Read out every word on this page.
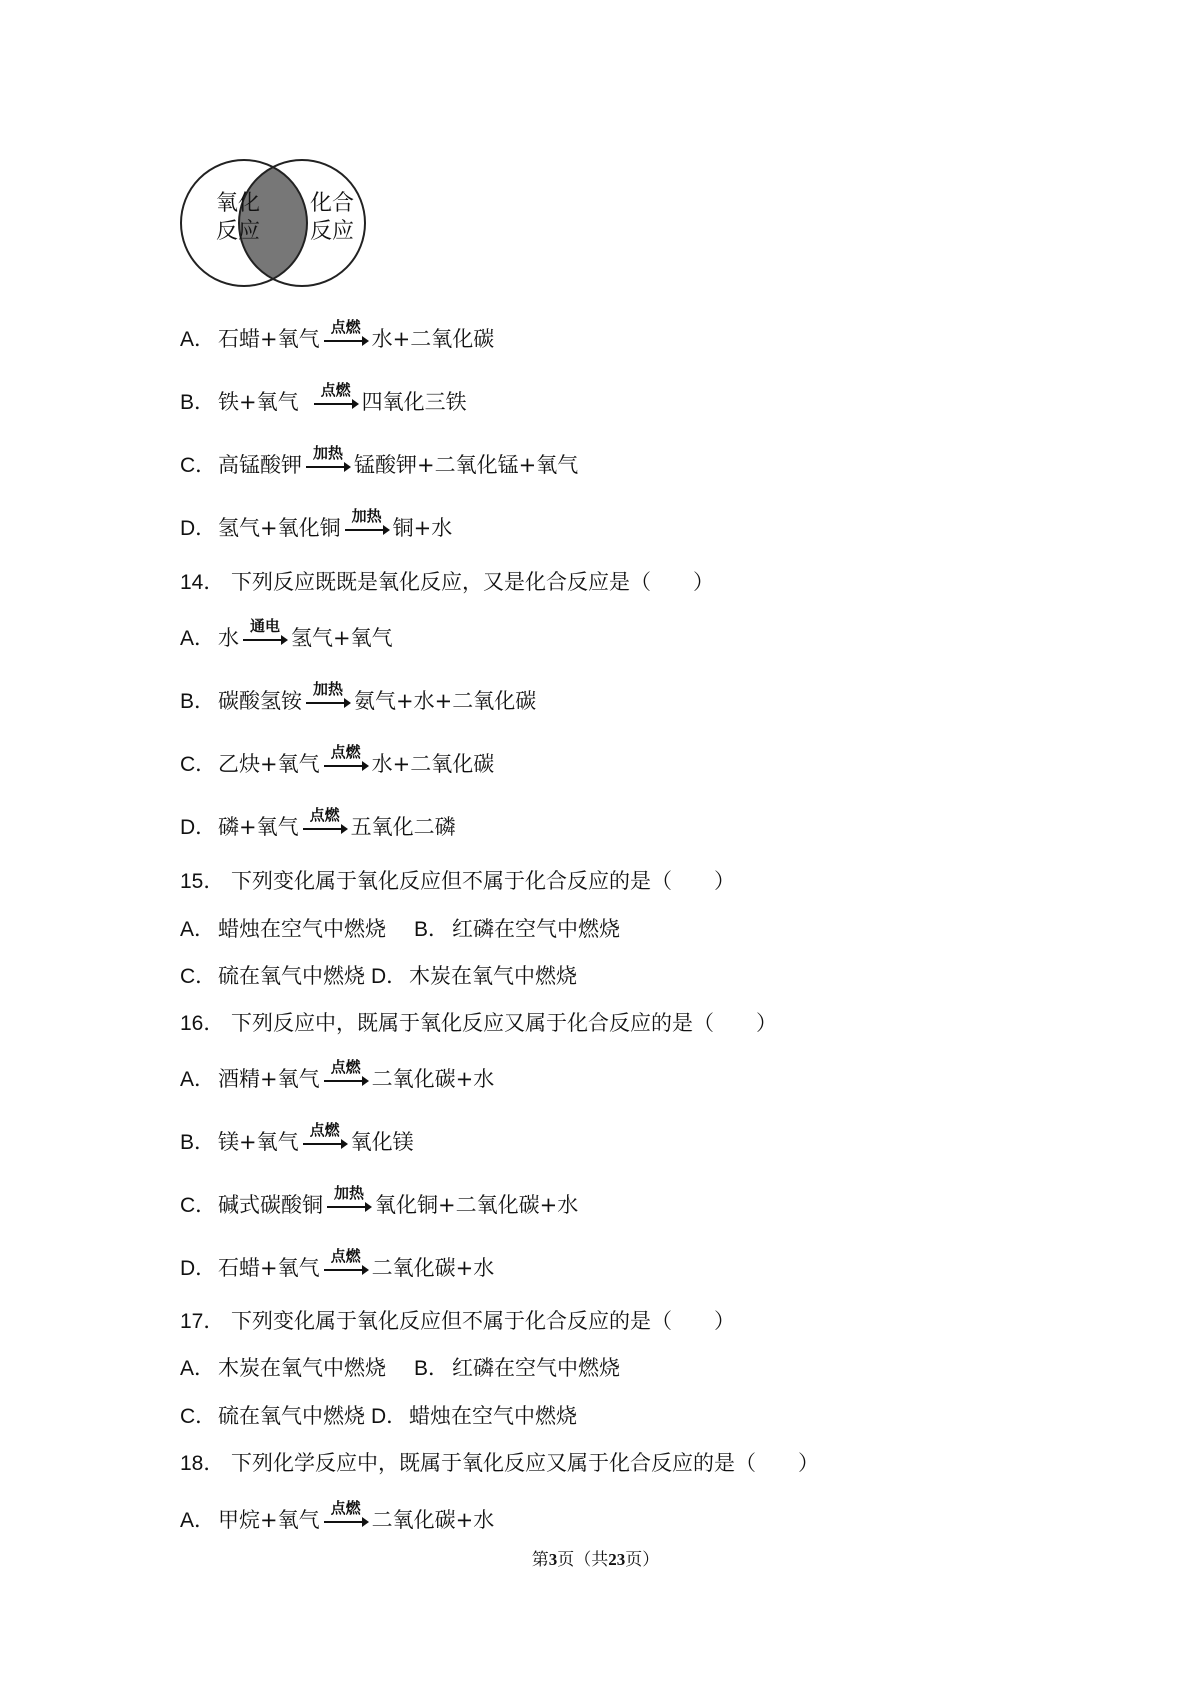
氧化
反应
化合
反应
A． 石蜡+氧气 点燃 水+二氧化碳
B． 铁+氧气	点燃 四氧化三铁
C．高锰酸钾 加热 锰酸钾+二氧化锰+氧气
D．氢气+氧化铜 加热 铜+水
14． 下列反应既既是氧化反应，又是化合反应是（　　）
A． 水 通电 氢气+氧气
B． 碳酸氢铵 加热 氨气+水+二氧化碳
C．乙炔+氧气 点燃 水+二氧化碳
D．磷+氧气 点燃 五氧化二磷
15． 下列变化属于氧化反应但不属于化合反应的是（　　）
A． 蜡烛在空气中燃烧 B． 红磷在空气中燃烧
C．硫在氧气中燃烧 D．木炭在氧气中燃烧
16． 下列反应中，既属于氧化反应又属于化合反应的是（　　）
A． 酒精+氧气 点燃 二氧化碳+水
B． 镁+氧气 点燃 氧化镁
C．碱式碳酸铜 加热 氧化铜+二氧化碳+水
D．石蜡+氧气 点燃 二氧化碳+水
17． 下列变化属于氧化反应但不属于化合反应的是（　　）
A． 木炭在氧气中燃烧 B． 红磷在空气中燃烧
C．硫在氧气中燃烧 D．蜡烛在空气中燃烧
18． 下列化学反应中，既属于氧化反应又属于化合反应的是（　　）
A． 甲烷+氧气 点燃 二氧化碳+水
第3页（共23页）
